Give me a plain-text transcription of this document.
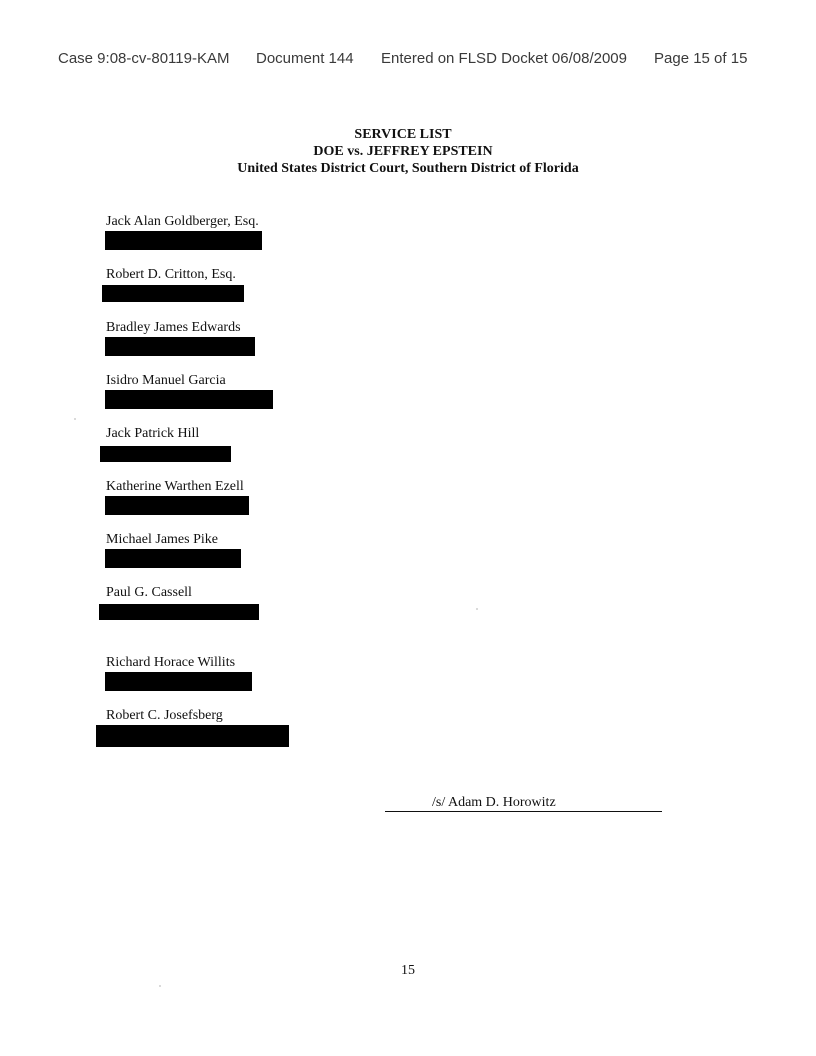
Case 9:08-cv-80119-KAM Document 144 Entered on FLSD Docket 06/08/2009 Page 15 of 15
SERVICE LIST
DOE vs. JEFFREY EPSTEIN
United States District Court, Southern District of Florida
Jack Alan Goldberger, Esq.
Robert D. Critton, Esq.
Bradley James Edwards
Isidro Manuel Garcia
Jack Patrick Hill
Katherine Warthen Ezell
Michael James Pike
Paul G. Cassell
Richard Horace Willits
Robert C. Josefsberg
/s/ Adam D. Horowitz
15
